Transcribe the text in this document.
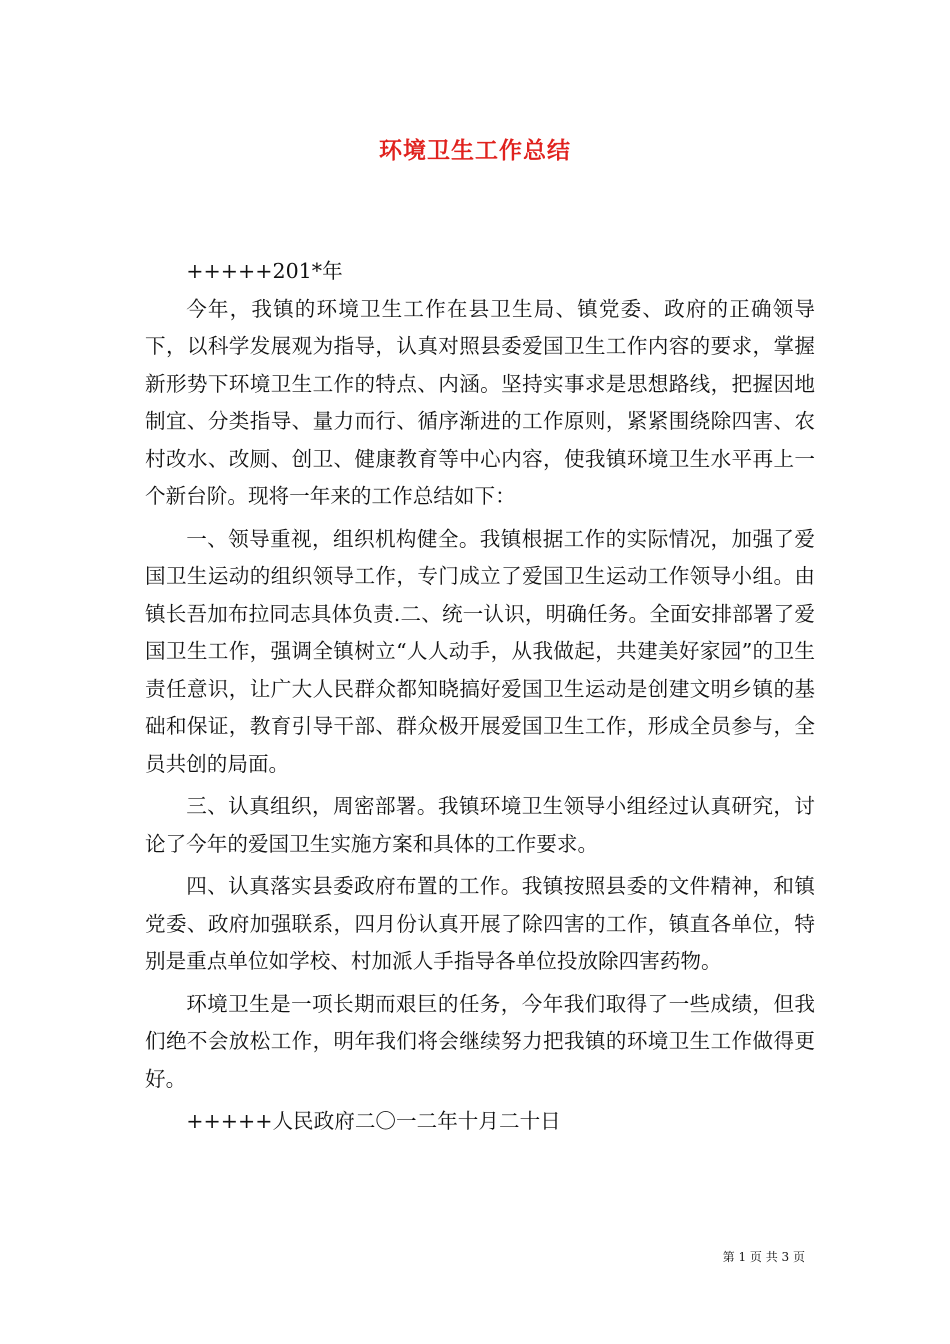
环境卫生工作总结

+++++201*年

今年，我镇的环境卫生工作在县卫生局、镇党委、政府的正确领导下，以科学发展观为指导，认真对照县委爱国卫生工作内容的要求，掌握新形势下环境卫生工作的特点、内涵。坚持实事求是思想路线，把握因地制宜、分类指导、量力而行、循序渐进的工作原则，紧紧围绕除四害、农村改水、改厕、创卫、健康教育等中心内容，使我镇环境卫生水平再上一个新台阶。现将一年来的工作总结如下：

一、领导重视，组织机构健全。我镇根据工作的实际情况，加强了爱国卫生运动的组织领导工作，专门成立了爱国卫生运动工作领导小组。由镇长吾加布拉同志具体负责.二、统一认识，明确任务。全面安排部署了爱国卫生工作，强调全镇树立“人人动手，从我做起，共建美好家园”的卫生责任意识，让广大人民群众都知晓搞好爱国卫生运动是创建文明乡镇的基础和保证，教育引导干部、群众极开展爱国卫生工作，形成全员参与，全员共创的局面。

三、认真组织，周密部署。我镇环境卫生领导小组经过认真研究，讨论了今年的爱国卫生实施方案和具体的工作要求。

四、认真落实县委政府布置的工作。我镇按照县委的文件精神，和镇党委、政府加强联系，四月份认真开展了除四害的工作，镇直各单位，特别是重点单位如学校、村加派人手指导各单位投放除四害药物。

环境卫生是一项长期而艰巨的任务，今年我们取得了一些成绩，但我们绝不会放松工作，明年我们将会继续努力把我镇的环境卫生工作做得更好。

+++++人民政府二〇一二年十月二十日

第 1 页 共 3 页
